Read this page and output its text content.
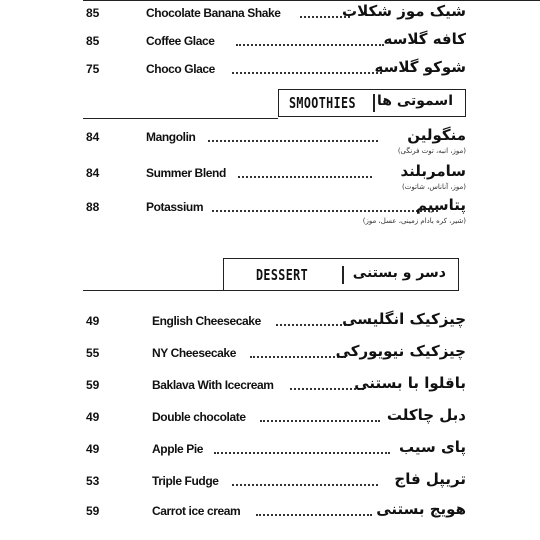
85	Chocolate Banana Shake	شیک موز شکلات
85	Coffee Glace	کافه گلاسه
75	Choco Glace	شوکو گلاسه
SMOOTHIES اسموتی ها
84	Mangolin	منگولین
(موز، انبه، توت فرنگی)
84	Summer Blend	سامربلند
(موز، آناناس، شاتوت)
88	Potassium	پتاسیم
(شیر، کره بادام زمینی، عسل، موز)
DESSERT	دسر و بستنی
49	English Cheesecake	چیزکیک انگلیسی
55	NY Cheesecake	چیزکیک نیویورکی
59	Baklava With Icecream	باقلوا با بستنی
49	Double chocolate	دبل چاکلت
49	Apple Pie	پای سیب
53	Triple Fudge	تریپل فاج
59	Carrot ice cream	هویج بستنی
